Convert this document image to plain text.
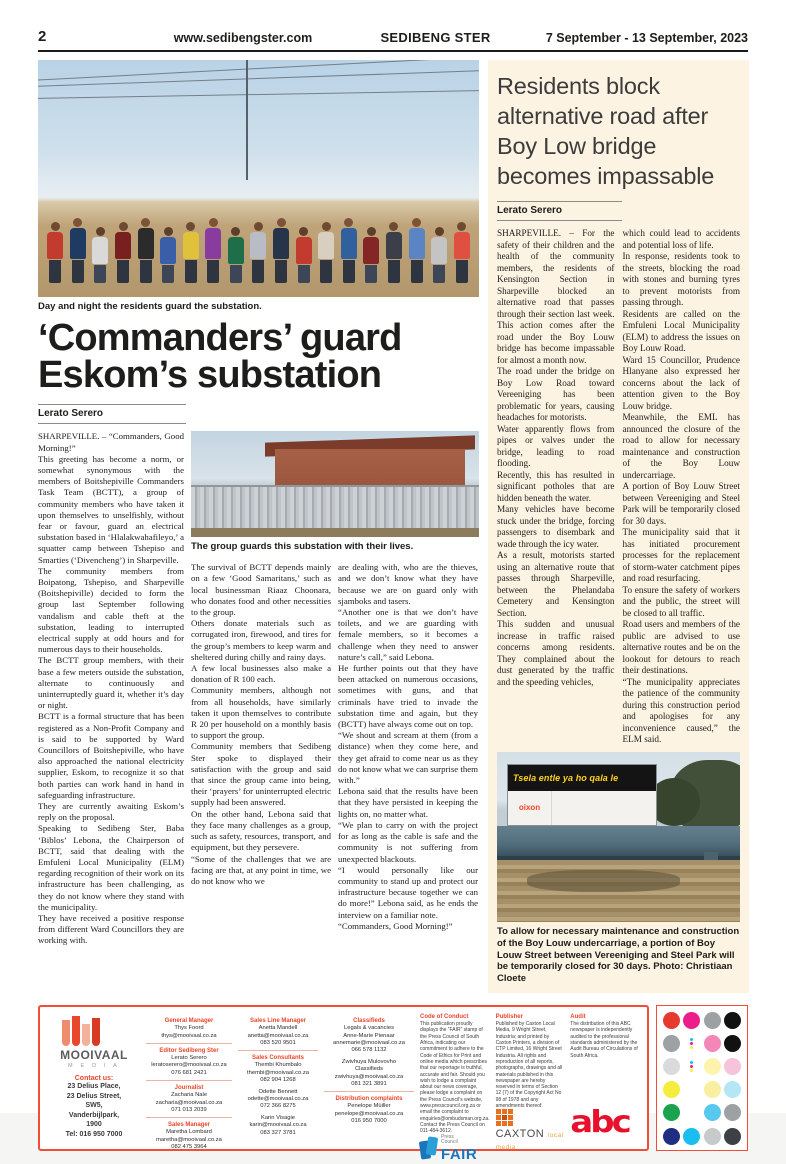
2	www.sedibengster.com	SEDIBENG STER	7 September - 13 September, 2023
Day and night the residents guard the substation.
‘Commanders’ guard Eskom’s substation
Lerato Serero

SHARPEVILLE. – “Commanders, Good Morning!”

This greeting has become a norm, or somewhat synonymous with the members of Boitshepiville Commanders Task Team (BCTT), a group of community members who have taken it upon themselves to unselfishly, without fear or favour, guard an electrical substation based in ‘Hlalakwahafileyo,’ a squatter camp between Tshepiso and Smarties (‘Divencheng’) in Sharpeville.

The community members from Boipatong, Tshepiso, and Sharpeville (Boitshepiville) decided to form the group last September following vandalism and cable theft at the substation, leading to interrupted electrical supply at odd hours and for numerous days to their households.

The BCTT group members, with their base a few meters outside the substation, alternate to continuously and uninterruptedly guard it, whether it’s day or night.

BCTT is a formal structure that has been registered as a Non-Profit Company and is said to be supported by Ward Councillors of Boitshepiville, who have also approached the national electricity supplier, Eskom, to recognize it so that both parties can work hand in hand in safeguarding infrastructure.

They are currently awaiting Eskom’s reply on the proposal.

Speaking to Sedibeng Ster, Baba ‘Biblos’ Lebona, the Chairperson of BCTT, said that dealing with the Emfuleni Local Municipality (ELM) regarding recognition of their work on its infrastructure has been challenging, as they do not know where they stand with the municipality.

They have received a positive response from different Ward Councillors they are working with.

The group guards this substation with their lives.

The survival of BCTT depends mainly on a few ‘Good Samaritans,’ such as local businessman Riaaz Choonara, who donates food and other necessities to the group.

Others donate materials such as corrugated iron, firewood, and tires for the group’s members to keep warm and sheltered during chilly and rainy days.

A few local businesses also make a donation of R 100 each.

Community members, although not from all households, have similarly taken it upon themselves to contribute R 20 per household on a monthly basis to support the group.

Community members that Sedibeng Ster spoke to displayed their satisfaction with the group and said that since the group came into being, their ‘prayers’ for uninterrupted electric supply had been answered.

On the other hand, Lebona said that they face many challenges as a group, such as safety, resources, transport, and equipment, but they persevere.

“Some of the challenges that we are facing are that, at any point in time, we do not know who we

are dealing with, who are the thieves, and we don’t know what they have because we are on guard only with sjamboks and tasers.

“Another one is that we don’t have toilets, and we are guarding with female members, so it becomes a challenge when they need to answer nature’s call,” said Lebona.

He further points out that they have been attacked on numerous occasions, sometimes with guns, and that criminals have tried to invade the substation time and again, but they (BCTT) have always come out on top.

“We shout and scream at them (from a distance) when they come here, and they get afraid to come near us as they do not know what we can surprise them with.”

Lebona said that the results have been that they have persisted in keeping the lights on, no matter what.

“We plan to carry on with the project for as long as the cable is safe and the community is not suffering from unexpected blackouts.

“I would personally like our community to stand up and protect our infrastructure because together we can do more!” Lebona said, as he ends the interview on a familiar note.

“Commanders, Good Morning!”

Residents block alternative road after Boy Low bridge becomes impassable
Lerato Serero

SHARPEVILLE. – For the safety of their children and the health of the community members, the residents of Kensington Section in Sharpeville blocked an alternative road that passes through their section last week. This action comes after the road under the Boy Louw bridge has become impassable for almost a month now.

The road under the bridge on Boy Low Road toward Vereeniging has been problematic for years, causing headaches for motorists.

Water apparently flows from pipes or valves under the bridge, leading to road flooding.

Recently, this has resulted in significant potholes that are hidden beneath the water.

Many vehicles have become stuck under the bridge, forcing passengers to disembark and wade through the icy water.

As a result, motorists started using an alternative route that passes through Sharpeville, between the Phelandaba Cemetery and Kensington Section.

This sudden and unusual increase in traffic raised concerns among residents. They complained about the dust generated by the traffic and the speeding vehicles,

which could lead to accidents and potential loss of life.

In response, residents took to the streets, blocking the road with stones and burning tyres to prevent motorists from passing through.

Residents are called on the Emfuleni Local Municipality (ELM) to address the issues on Boy Louw Road.

Ward 15 Councillor, Prudence Hlanyane also expressed her concerns about the lack of attention given to the Boy Louw bridge.

Meanwhile, the EML has announced the closure of the road to allow for necessary maintenance and construction of the Boy Louw undercarriage.

A portion of Boy Louw Street between Vereeniging and Steel Park will be temporarily closed for 30 days.

The municipality said that it has initiated procurement processes for the replacement of storm-water catchment pipes and road resurfacing.

To ensure the safety of workers and the public, the street will be closed to all traffic.

Road users and members of the public are advised to use alternative routes and be on the lookout for detours to reach their destinations.

“The municipality appreciates the patience of the community during this construction period and apologises for any inconvenience caused,” the ELM said.

Tsela entle ya ho qala le
oixon
To allow for necessary maintenance and construction of the Boy Louw undercarriage, a portion of Boy Louw Street between Vereeniging and Steel Park will be temporarily closed for 30 days. Photo: Christiaan Cloete
MOOIVAAL
M E D I A
Contact us:
23 Delius Place,
23 Delius Street,
SW5,
Vanderbijlpark,
1900
Tel: 016 950 7000
General Manager
Thys Foord
thys@mooivaal.co.za
Editor Sedibeng Ster
Lerato Serero
leratoserero@mooivaal.co.za
076 681 2421
Journalist
Zacharia Nale
zacharia@mooivaal.co.za
071 013 2039
Sales Manager
Maretha Lombard
maretha@mooivaal.co.za
082 475 3964
Sales Line Manager
Anetta Mandell
anetta@mooivaal.co.za
083 520 9501
Sales Consultants
Thembi Khumbalo
thembi@mooivaal.co.za
082 904 1268
Odette Bennett
odette@mooivaal.co.za
072 366 8275
Karin Visagie
karin@mooivaal.co.za
083 327 3781
Classifieds
Legals & vacancies
Anne-Marie Pienaar
annemarie@mooivaal.co.za
066 578 1132
Zwivhuya Mulovovho
Classifieds
zwivhuya@mooivaal.co.za
081 321 3891
Distribution complaints
Penelope Müiller
penelope@mooivaal.co.za
016 950 7000
Code of Conduct
This publication proudly displays the “FAIR” stamp of the Press Council of South Africa, indicating our commitment to adhere to the Code of Ethics for Print and online media which prescribes that our reportage is truthful, accurate and fair. Should you wish to lodge a complaint about our news coverage, please lodge a complaint on the Press Council’s website, www.presscouncil.org.za or email the complaint to enquiries@ombudsman.org.za. Contact the Press Council on 011-484-3612.
Press
Council
FAIR
Publisher
Published by Caxton Local Media, 9 Wright Street, Industria; and printed by Caxton Printers, a division of CTP Limited, 16 Wright Street Industria. All rights and reproduction of all reports, photographs, drawings and all materials published in this newspaper are hereby reserved in terms of Section 12 (7) of the Copyright Act No 98 of 1978 and any amendments thereof.
CAXTON local media
Audit
The distribution of this ABC newspaper is independently audited to the professional standards administered by the Audit Bureau of Circulations of South Africa.
abc
